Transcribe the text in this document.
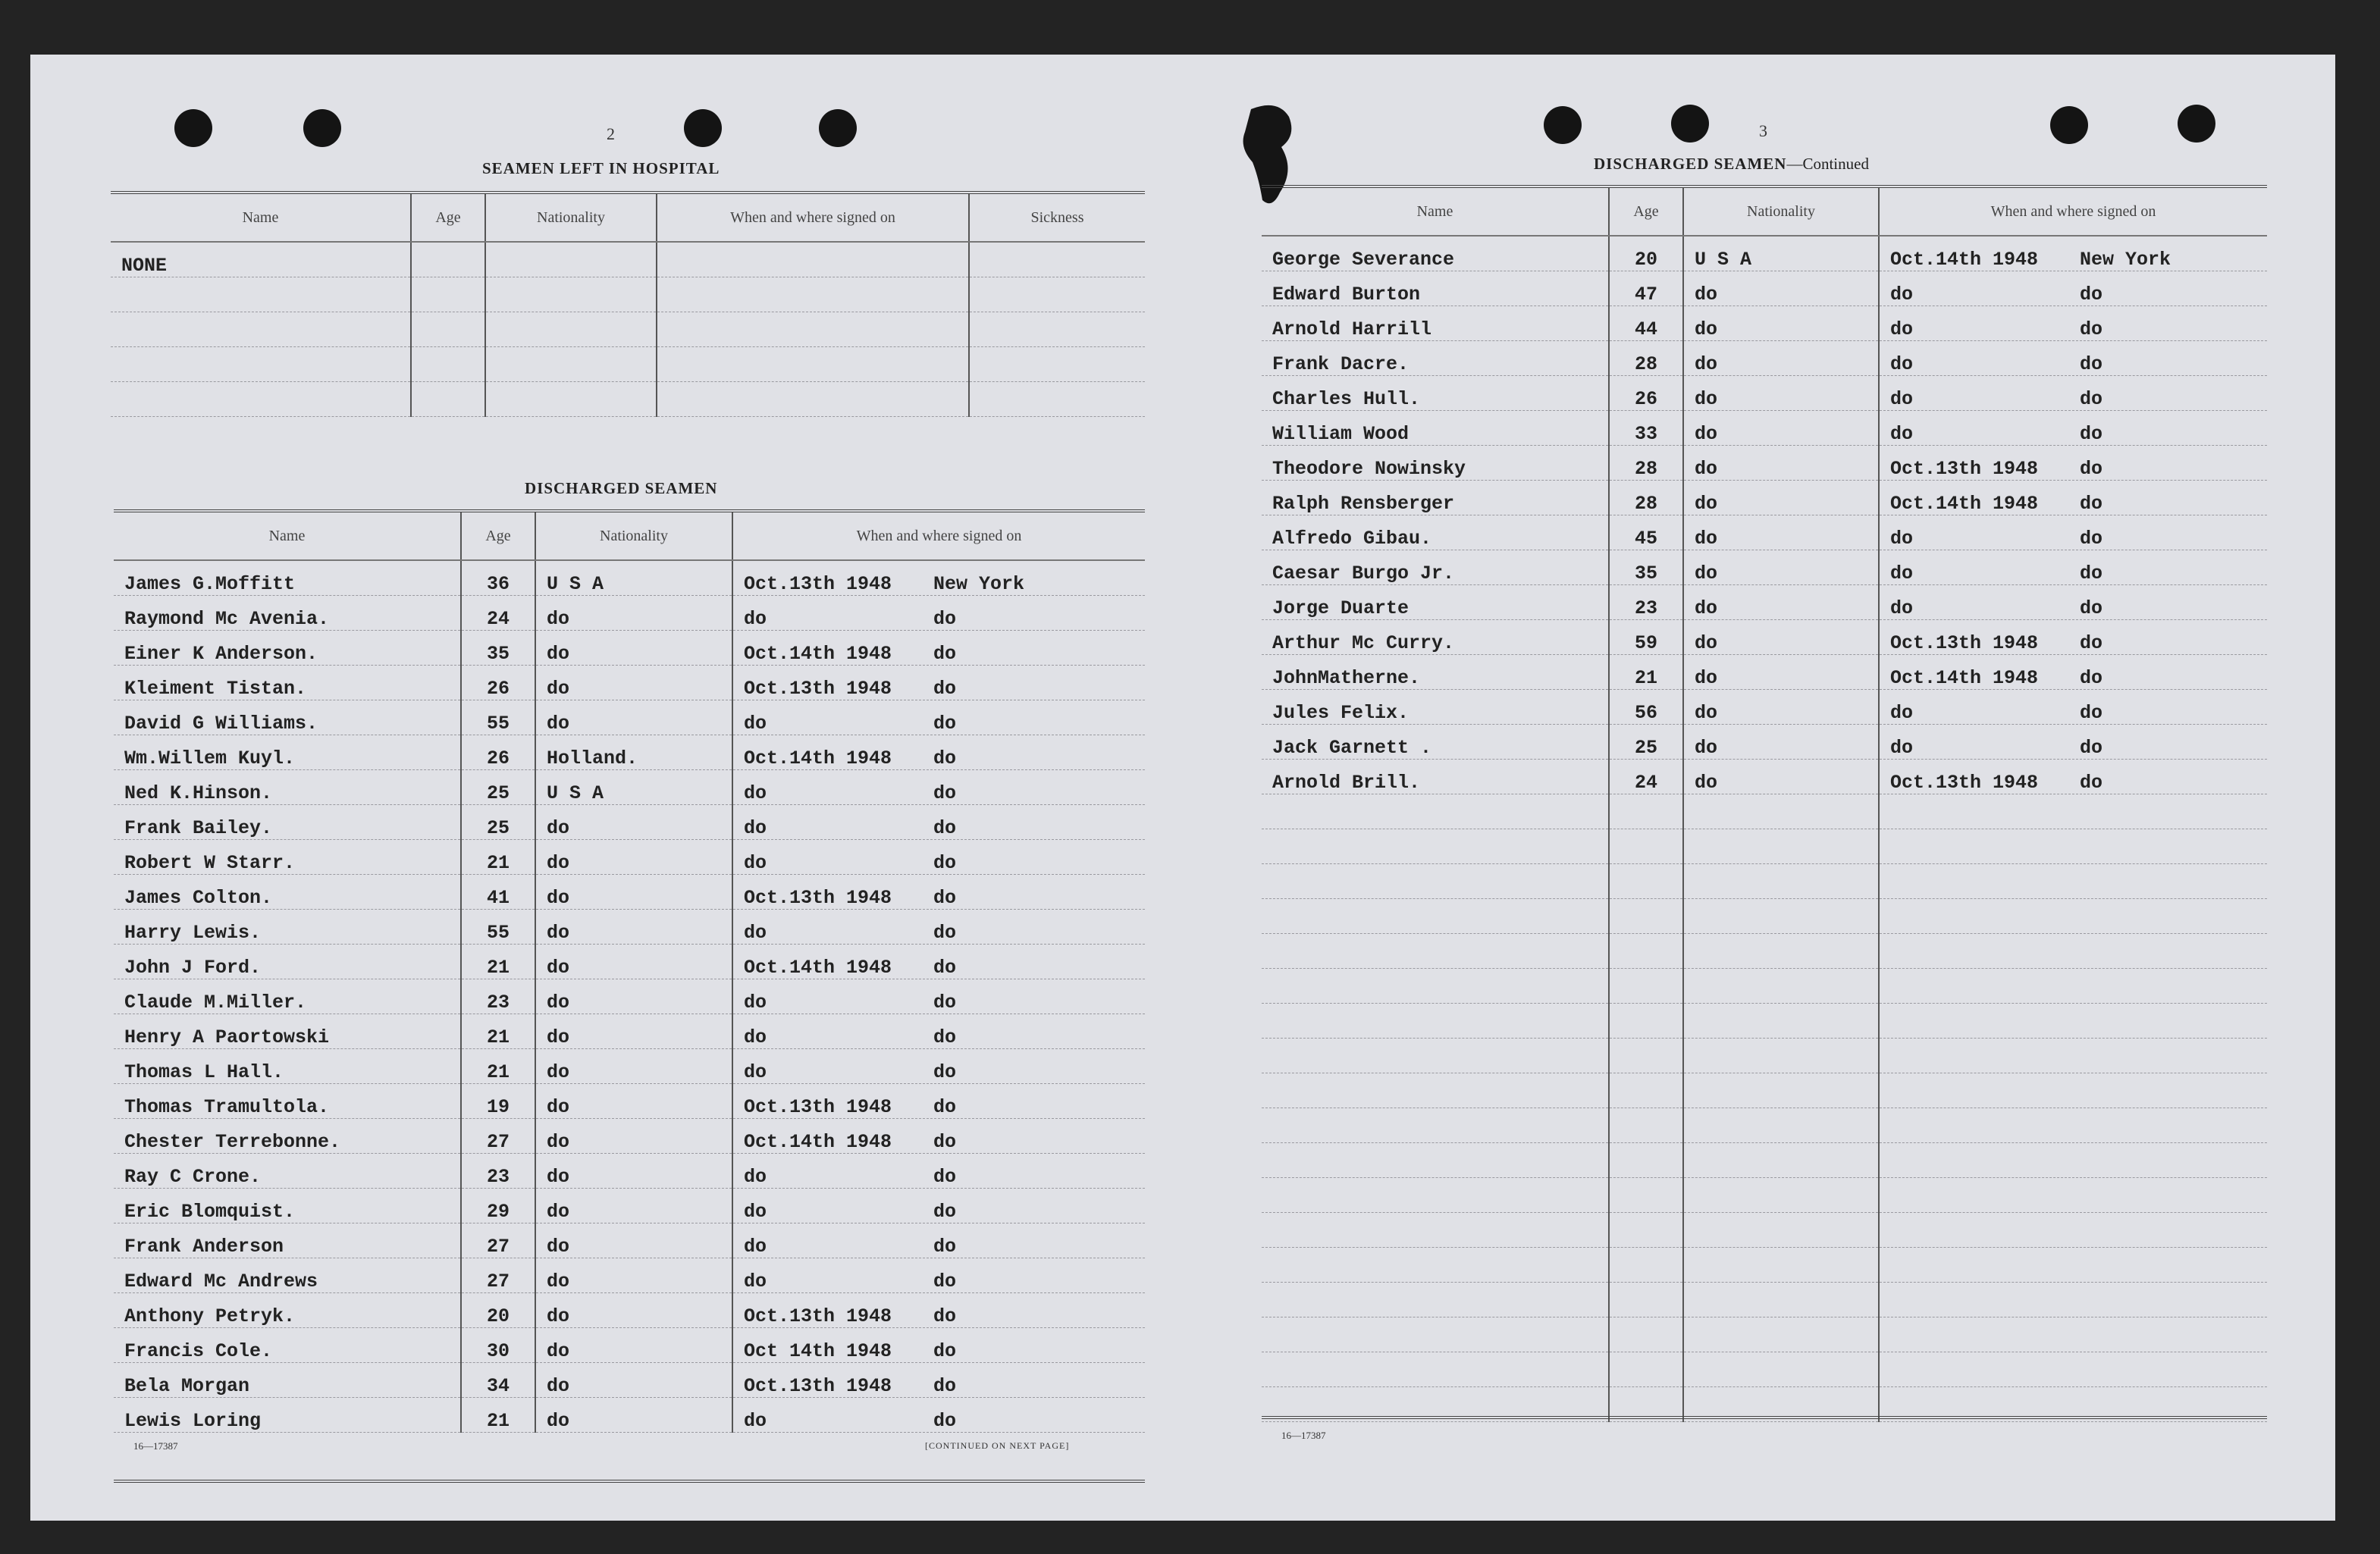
2
SEAMEN LEFT IN HOSPITAL
Name	Age	Nationality	When and where signed on	Sickness
NONE				

DISCHARGED SEAMEN
Name	Age	Nationality	When and where signed on
James G.Moffitt	36	U S A	Oct.13th 1948 New York
Raymond Mc Avenia.	24	do	do do
Einer K Anderson.	35	do	Oct.14th 1948 do
Kleiment Tistan.	26	do	Oct.13th 1948 do
David G Williams.	55	do	do do
Wm.Willem Kuyl.	26	Holland.	Oct.14th 1948 do
Ned K.Hinson.	25	U S A	do do
Frank Bailey.	25	do	do do
Robert W Starr.	21	do	do do
James Colton.	41	do	Oct.13th 1948 do
Harry Lewis.	55	do	do do
John J Ford.	21	do	Oct.14th 1948 do
Claude M.Miller.	23	do	do do
Henry A Paortowski	21	do	do do
Thomas L Hall.	21	do	do do
Thomas Tramultola.	19	do	Oct.13th 1948 do
Chester Terrebonne.	27	do	Oct.14th 1948 do
Ray C Crone.	23	do	do do
Eric Blomquist.	29	do	do do
Frank Anderson	27	do	do do
Edward Mc Andrews	27	do	do do
Anthony Petryk.	20	do	Oct.13th 1948 do
Francis Cole.	30	do	Oct 14th 1948 do
Bela Morgan	34	do	Oct.13th 1948 do
Lewis Loring	21	do	do do
16—17387	[CONTINUED ON NEXT PAGE]
3
DISCHARGED SEAMEN—Continued
Name	Age	Nationality	When and where signed on
George Severance	20	U S A	Oct.14th 1948 New York
Edward Burton	47	do	do do
Arnold Harrill	44	do	do do
Frank Dacre.	28	do	do do
Charles Hull.	26	do	do do
William Wood	33	do	do do
Theodore Nowinsky	28	do	Oct.13th 1948 do
Ralph Rensberger	28	do	Oct.14th 1948 do
Alfredo Gibau.	45	do	do do
Caesar Burgo Jr.	35	do	do do
Jorge Duarte	23	do	do do
Arthur Mc Curry.	59	do	Oct.13th 1948 do
JohnMatherne.	21	do	Oct.14th 1948 do
Jules Felix.	56	do	do do
Jack Garnett .	25	do	do do
Arnold Brill.	24	do	Oct.13th 1948 do

16—17387
